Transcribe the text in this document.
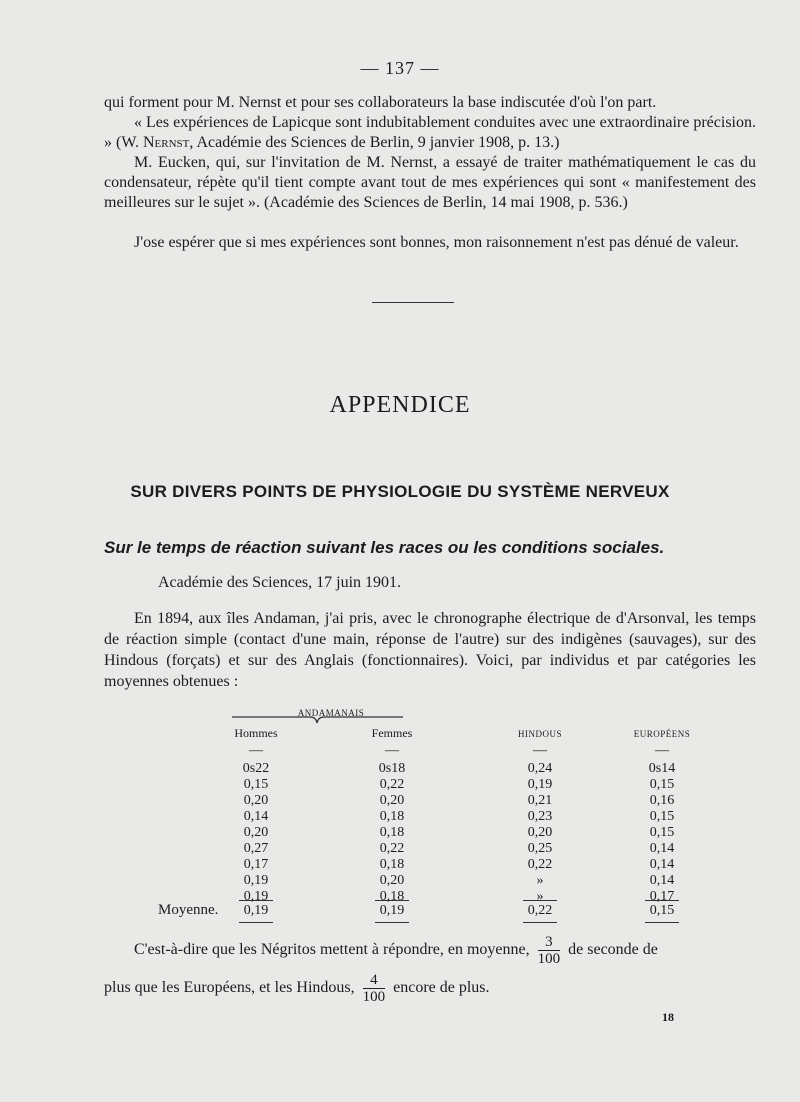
— 137 —

qui forment pour M. Nernst et pour ses collaborateurs la base indiscutée d'où l'on part.

« Les expériences de Lapicque sont indubitablement conduites avec une extraordinaire précision. » (W. Nernst, Académie des Sciences de Berlin, 9 janvier 1908, p. 13.)

M. Eucken, qui, sur l'invitation de M. Nernst, a essayé de traiter mathématiquement le cas du condensateur, répète qu'il tient compte avant tout de mes expériences qui sont « manifestement des meilleures sur le sujet ». (Académie des Sciences de Berlin, 14 mai 1908, p. 536.)

J'ose espérer que si mes expériences sont bonnes, mon raisonnement n'est pas dénué de valeur.

APPENDICE
SUR DIVERS POINTS DE PHYSIOLOGIE DU SYSTÈME NERVEUX
Sur le temps de réaction suivant les races ou les conditions sociales.
Académie des Sciences, 17 juin 1901.

En 1894, aux îles Andaman, j'ai pris, avec le chronographe électrique de d'Arsonval, les temps de réaction simple (contact d'une main, réponse de l'autre) sur des indigènes (sauvages), sur des Hindous (forçats) et sur des Anglais (fonctionnaires). Voici, par individus et par catégories les moyennes obtenues :

ANDAMANAIS
Hommes	Femmes	HINDOUS	EUROPÉENS
—	—	—	—
0s22	0s18	0,24	0s14
0,15	0,22	0,19	0,15
0,20	0,20	0,21	0,16
0,14	0,18	0,23	0,15
0,20	0,18	0,20	0,15
0,27	0,22	0,25	0,14
0,17	0,18	0,22	0,14
0,19	0,20	»	0,14
0,19	0,18	»	0,17
Moyenne.	0,19	0,19	0,22	0,15

C'est-à-dire que les Négritos mettent à répondre, en moyenne, $\frac{3}{100}$ de seconde de

plus que les Européens, et les Hindous, $\frac{4}{100}$ encore de plus.

18
